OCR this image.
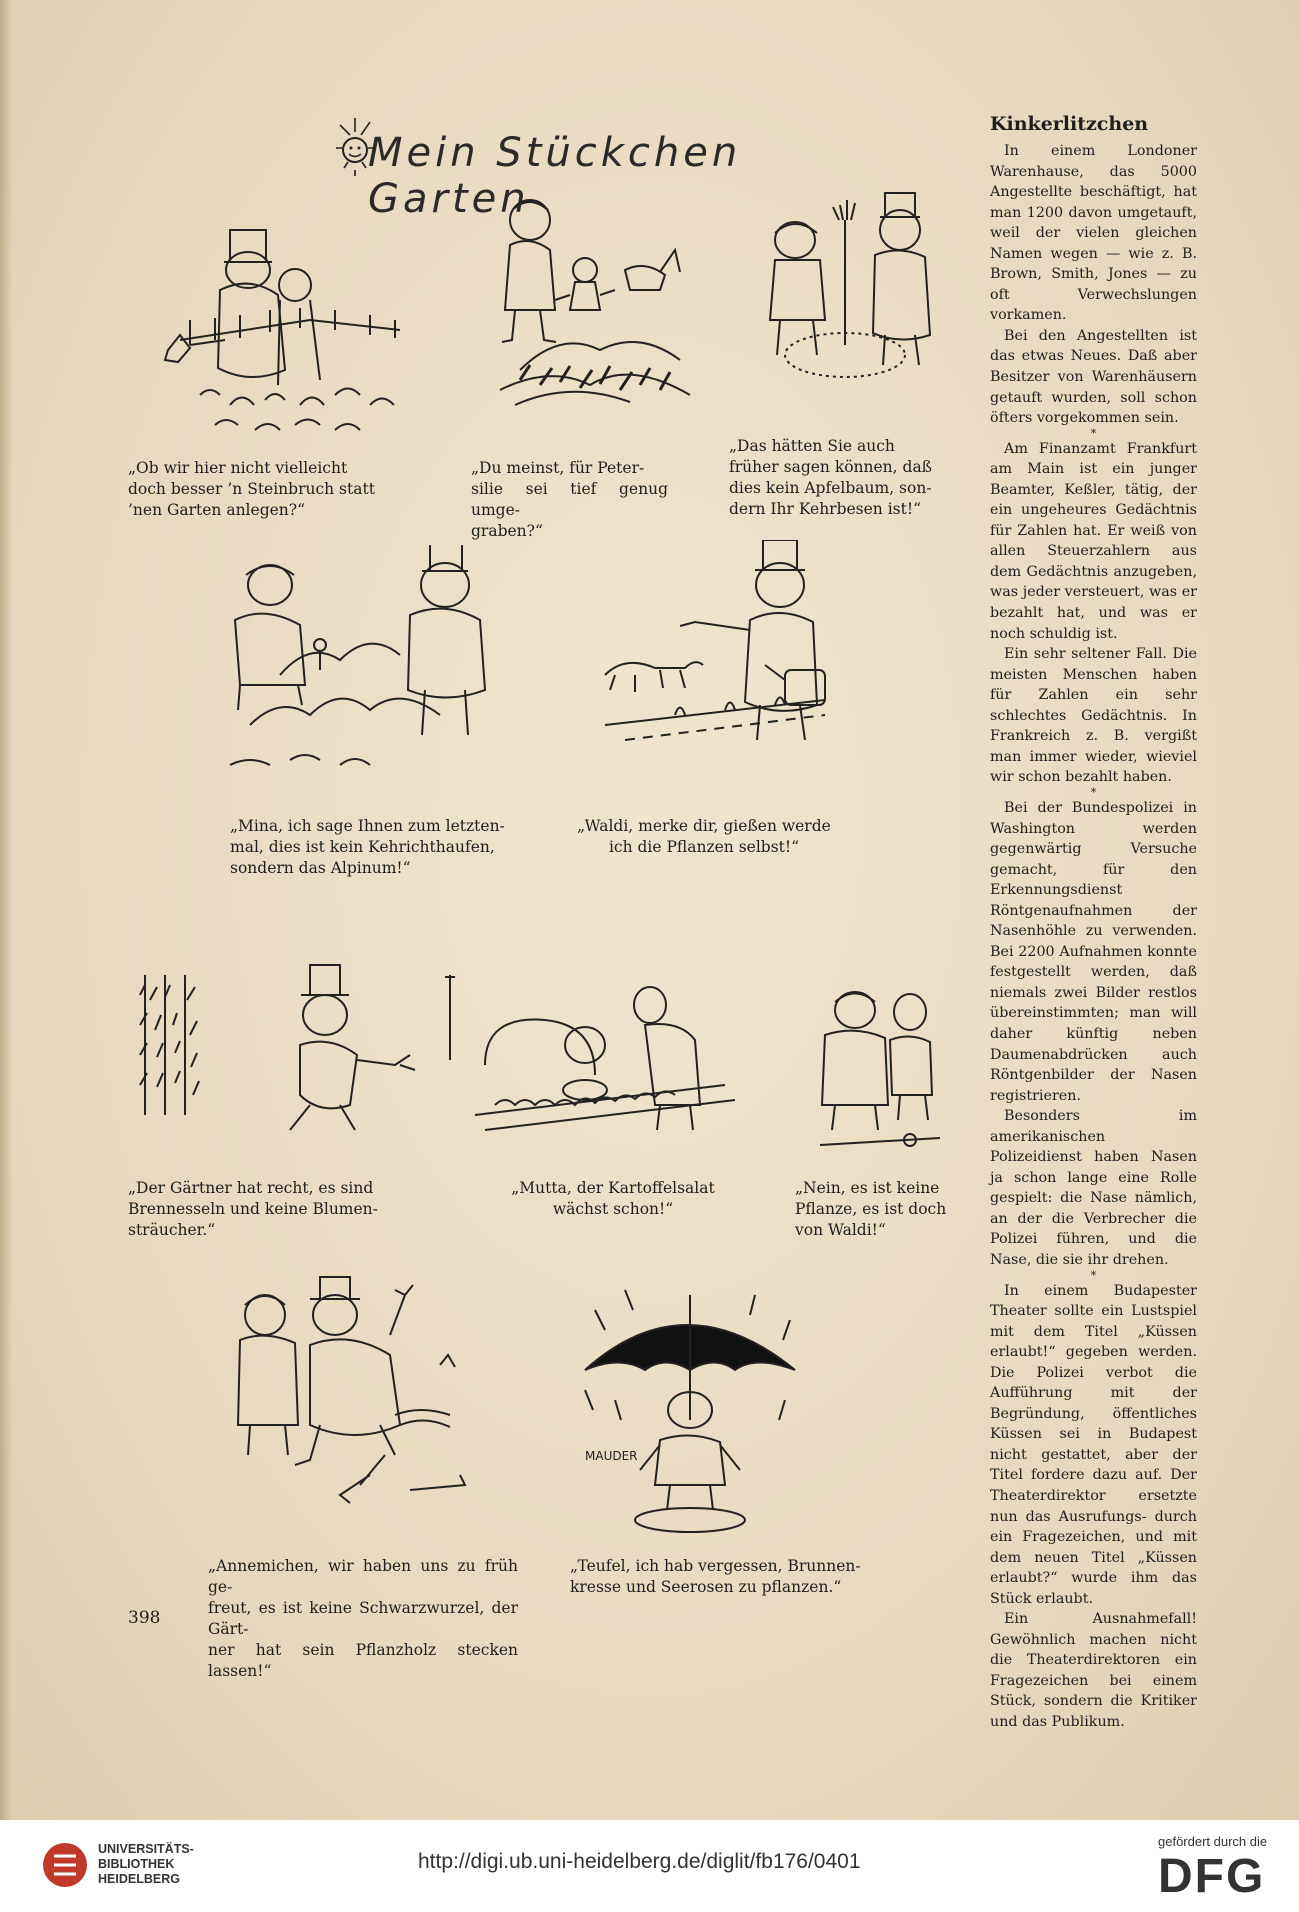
Mein Stückchen Garten
„Ob wir hier nicht vielleicht
doch besser ’n Steinbruch statt
’nen Garten anlegen?“
„Du meinst, für Peter-
silie sei tief genug umge-
graben?“
„Das hätten Sie auch
früher sagen können, daß
dies kein Apfelbaum, son-
dern Ihr Kehrbesen ist!“
„Mina, ich sage Ihnen zum letzten-
mal, dies ist kein Kehrichthaufen,
sondern das Alpinum!“
„Waldi, merke dir, gießen werde
ich die Pflanzen selbst!“
„Der Gärtner hat recht, es sind
Brennesseln und keine Blumen-
sträucher.“
„Mutta, der Kartoffelsalat
wächst schon!“
„Nein, es ist keine
Pflanze, es ist doch
von Waldi!“
MAUDER
„Annemichen, wir haben uns zu früh ge-
freut, es ist keine Schwarzwurzel, der Gärt-
ner hat sein Pflanzholz stecken lassen!“
„Teufel, ich hab vergessen, Brunnen-
kresse und Seerosen zu pflanzen.“
398
Kinkerlitzchen

In einem Londoner Warenhause, das 5000 Angestellte beschäftigt, hat man 1200 davon umgetauft, weil der vielen gleichen Namen wegen — wie z. B. Brown, Smith, Jones — zu oft Verwechslungen vorkamen.

Bei den Angestellten ist das etwas Neues. Daß aber Besitzer von Warenhäusern getauft wurden, soll schon öfters vorgekommen sein.

*

Am Finanzamt Frankfurt am Main ist ein junger Beamter, Keßler, tätig, der ein ungeheures Gedächtnis für Zahlen hat. Er weiß von allen Steuerzahlern aus dem Gedächtnis anzugeben, was jeder versteuert, was er bezahlt hat, und was er noch schuldig ist.

Ein sehr seltener Fall. Die meisten Menschen haben für Zahlen ein sehr schlechtes Gedächtnis. In Frankreich z. B. vergißt man immer wieder, wieviel wir schon bezahlt haben.

*

Bei der Bundespolizei in Washington werden gegenwärtig Versuche gemacht, für den Erkennungsdienst Röntgenaufnahmen der Nasenhöhle zu verwenden. Bei 2200 Aufnahmen konnte festgestellt werden, daß niemals zwei Bilder restlos übereinstimmten; man will daher künftig neben Daumenabdrücken auch Röntgenbilder der Nasen registrieren.

Besonders im amerikanischen Polizeidienst haben Nasen ja schon lange eine Rolle gespielt: die Nase nämlich, an der die Verbrecher die Polizei führen, und die Nase, die sie ihr drehen.

*

In einem Budapester Theater sollte ein Lustspiel mit dem Titel „Küssen erlaubt!“ gegeben werden. Die Polizei verbot die Aufführung mit der Begründung, öffentliches Küssen sei in Budapest nicht gestattet, aber der Titel fordere dazu auf. Der Theaterdirektor ersetzte nun das Ausrufungs- durch ein Fragezeichen, und mit dem neuen Titel „Küssen erlaubt?“ wurde ihm das Stück erlaubt.

Ein Ausnahmefall! Gewöhnlich machen nicht die Theaterdirektoren ein Fragezeichen bei einem Stück, sondern die Kritiker und das Publikum.

UNIVERSITÄTS-
BIBLIOTHEK
HEIDELBERG
http://digi.ub.uni-heidelberg.de/diglit/fb176/0401
gefördert durch die
DFG
